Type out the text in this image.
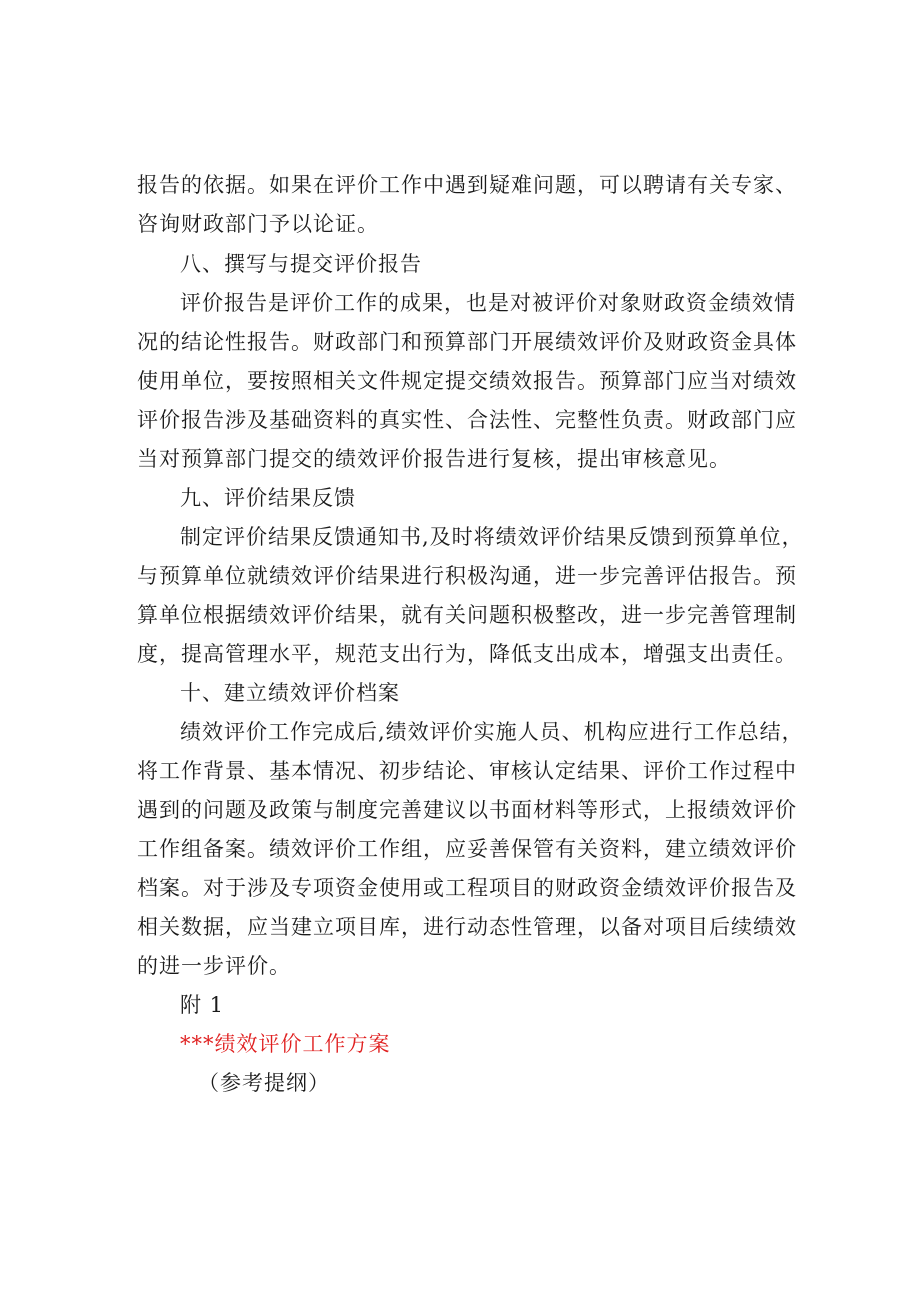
报告的依据。如果在评价工作中遇到疑难问题，可以聘请有关专家、
咨询财政部门予以论证。
八、撰写与提交评价报告
评价报告是评价工作的成果，也是对被评价对象财政资金绩效情
况的结论性报告。财政部门和预算部门开展绩效评价及财政资金具体
使用单位，要按照相关文件规定提交绩效报告。预算部门应当对绩效
评价报告涉及基础资料的真实性、合法性、完整性负责。财政部门应
当对预算部门提交的绩效评价报告进行复核，提出审核意见。
九、评价结果反馈
制定评价结果反馈通知书,及时将绩效评价结果反馈到预算单位，
与预算单位就绩效评价结果进行积极沟通，进一步完善评估报告。预
算单位根据绩效评价结果，就有关问题积极整改，进一步完善管理制
度，提高管理水平，规范支出行为，降低支出成本，增强支出责任。
十、建立绩效评价档案
绩效评价工作完成后,绩效评价实施人员、机构应进行工作总结，
将工作背景、基本情况、初步结论、审核认定结果、评价工作过程中
遇到的问题及政策与制度完善建议以书面材料等形式，上报绩效评价
工作组备案。绩效评价工作组，应妥善保管有关资料，建立绩效评价
档案。对于涉及专项资金使用或工程项目的财政资金绩效评价报告及
相关数据，应当建立项目库，进行动态性管理，以备对项目后续绩效
的进一步评价。
附 1
***绩效评价工作方案
（参考提纲）
